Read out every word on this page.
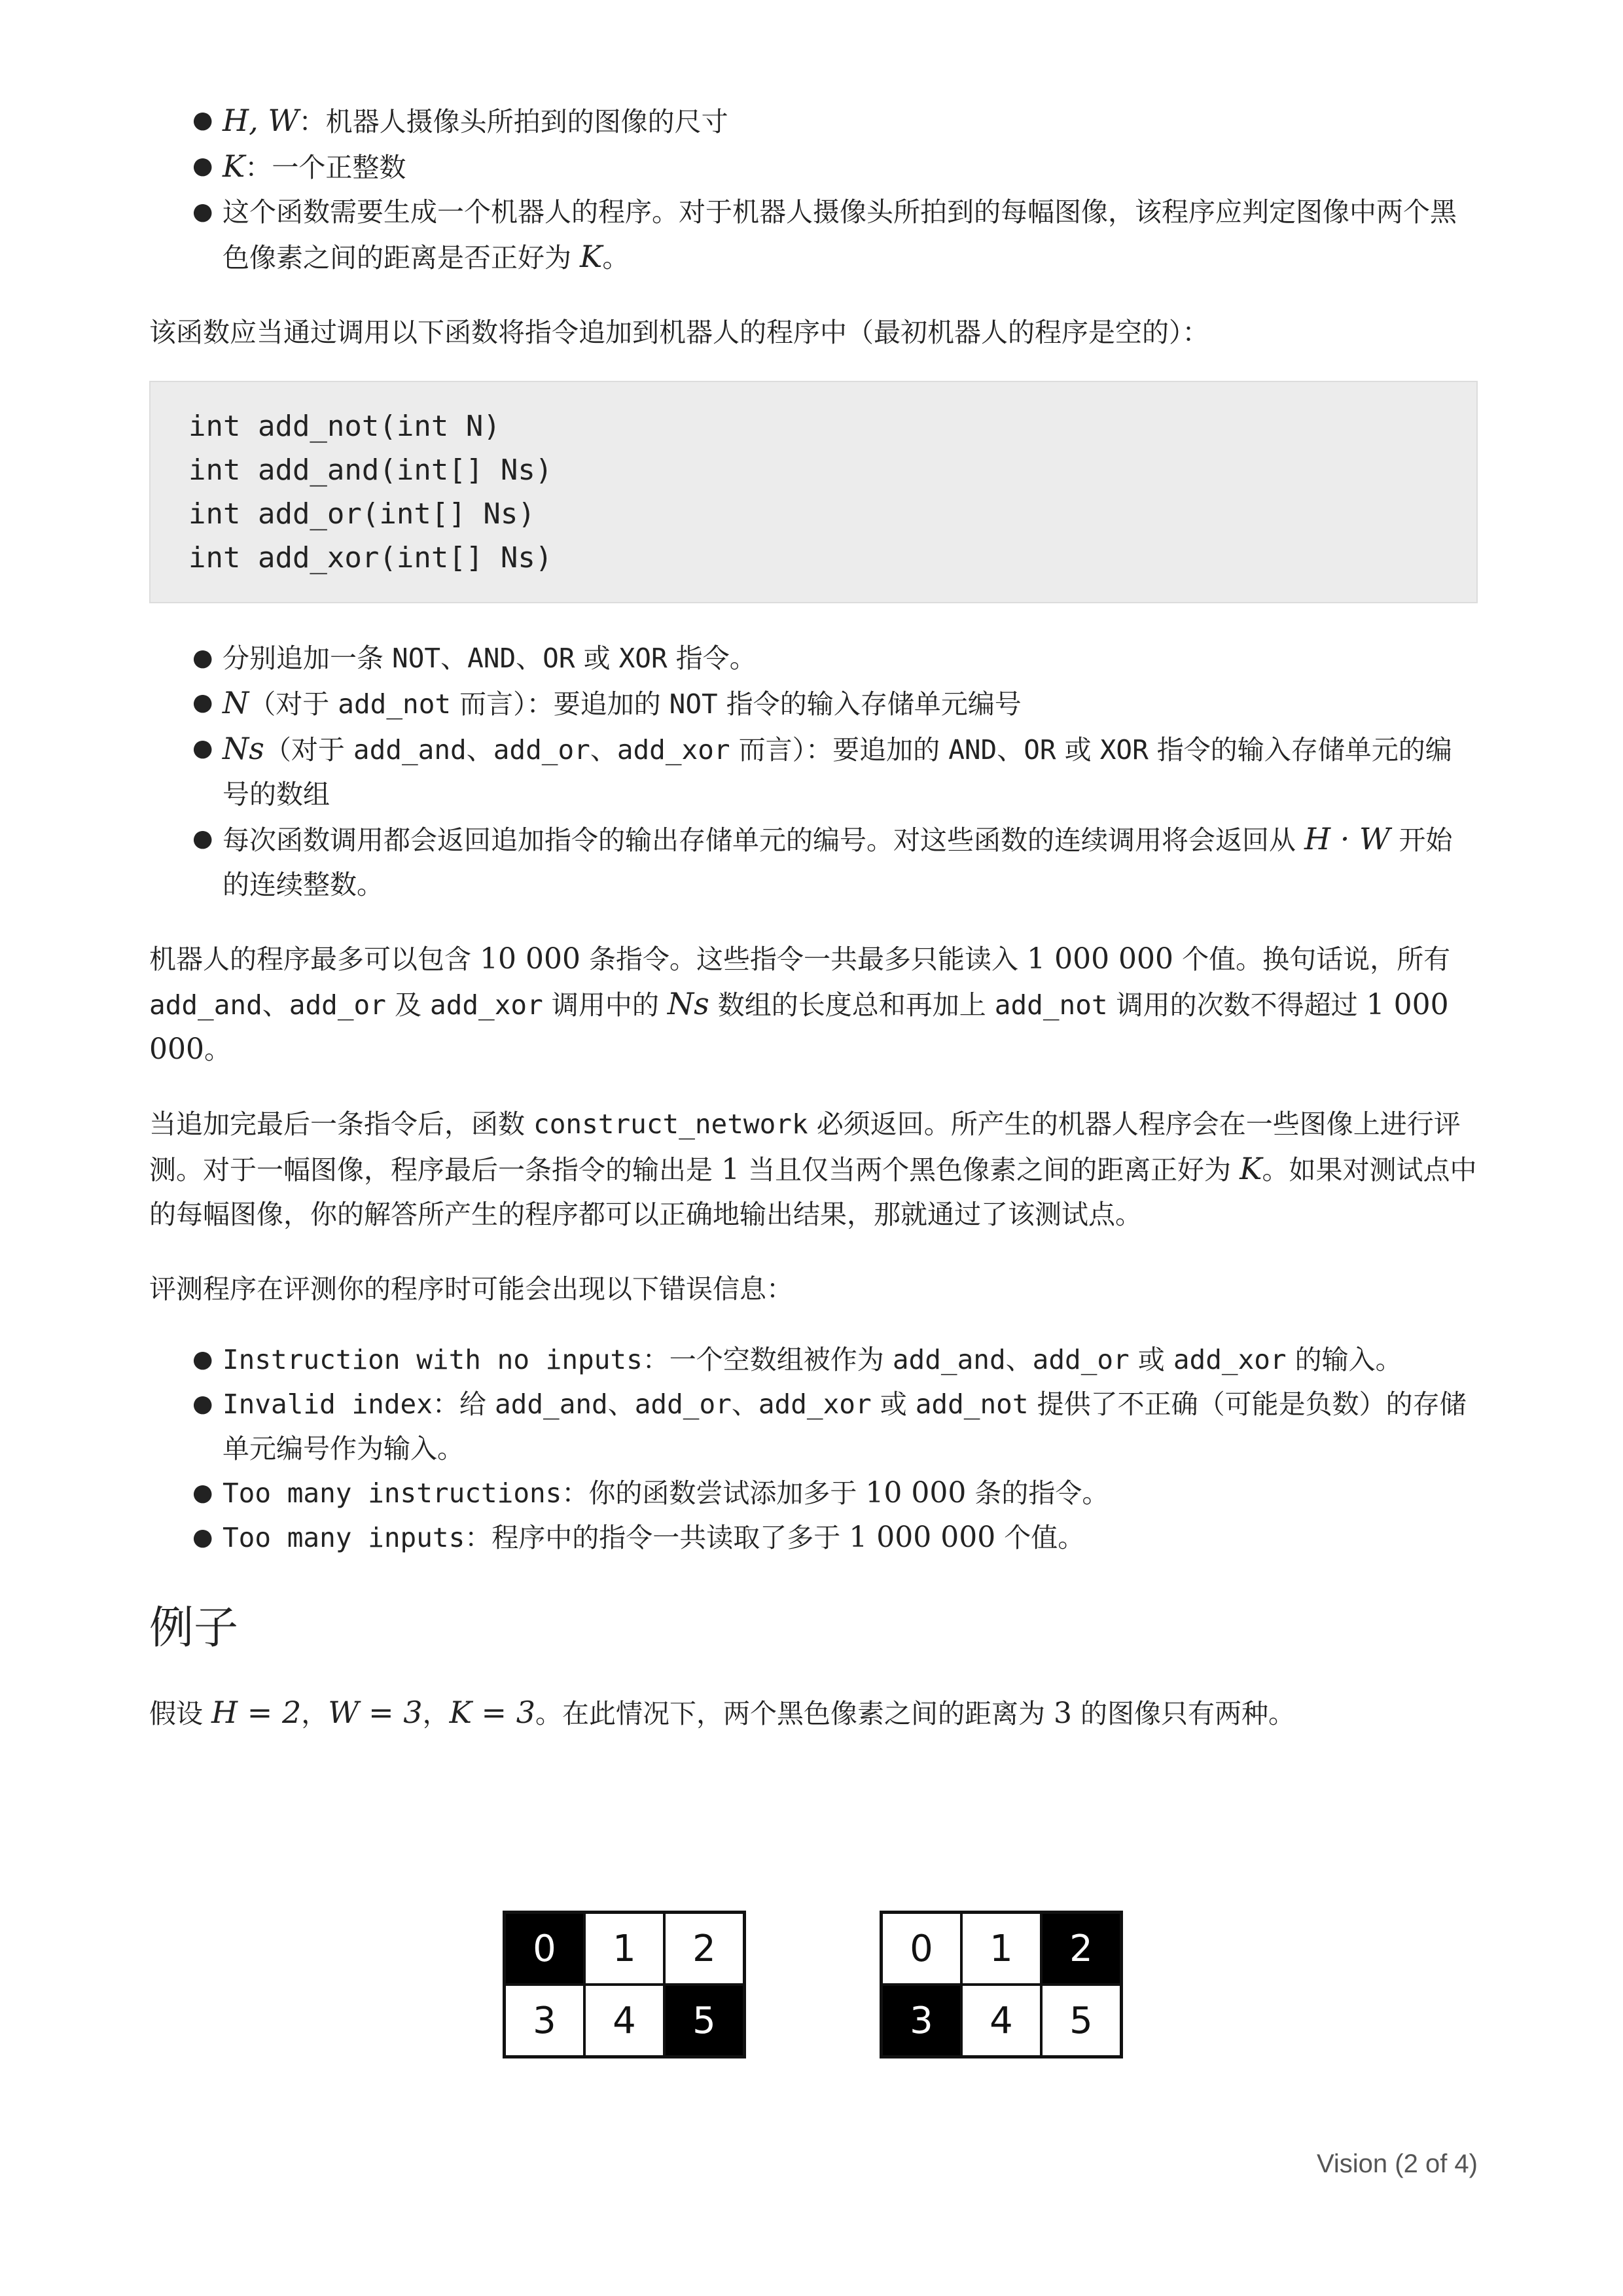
● H, W：机器人摄像头所拍到的图像的尺寸
● K：一个正整数
● 这个函数需要生成一个机器人的程序。对于机器人摄像头所拍到的每幅图像，该程序应判定图像中两个黑色像素之间的距离是否正好为 K。

该函数应当通过调用以下函数将指令追加到机器人的程序中（最初机器人的程序是空的）：

int add_not(int N)
int add_and(int[] Ns)
int add_or(int[] Ns)
int add_xor(int[] Ns)
● 分别追加一条 NOT、AND、OR 或 XOR 指令。
● N（对于 add_not 而言）：要追加的 NOT 指令的输入存储单元编号
● Ns（对于 add_and、add_or、add_xor 而言）：要追加的 AND、OR 或 XOR 指令的输入存储单元的编号的数组
● 每次函数调用都会返回追加指令的输出存储单元的编号。对这些函数的连续调用将会返回从 H · W 开始的连续整数。

机器人的程序最多可以包含 10 000 条指令。这些指令一共最多只能读入 1 000 000 个值。换句话说，所有 add_and、add_or 及 add_xor 调用中的 Ns 数组的长度总和再加上 add_not 调用的次数不得超过 1 000 000。

当追加完最后一条指令后，函数 construct_network 必须返回。所产生的机器人程序会在一些图像上进行评测。对于一幅图像，程序最后一条指令的输出是 1 当且仅当两个黑色像素之间的距离正好为 K。如果对测试点中的每幅图像，你的解答所产生的程序都可以正确地输出结果，那就通过了该测试点。

评测程序在评测你的程序时可能会出现以下错误信息：

● Instruction with no inputs：一个空数组被作为 add_and、add_or 或 add_xor 的输入。
● Invalid index：给 add_and、add_or、add_xor 或 add_not 提供了不正确（可能是负数）的存储单元编号作为输入。
● Too many instructions：你的函数尝试添加多于 10 000 条的指令。
● Too many inputs：程序中的指令一共读取了多于 1 000 000 个值。
例子

假设 H = 2，W = 3，K = 3。在此情况下，两个黑色像素之间的距离为 3 的图像只有两种。

0	1	2
3	4	5
0	1	2
3	4	5
Vision (2 of 4)
